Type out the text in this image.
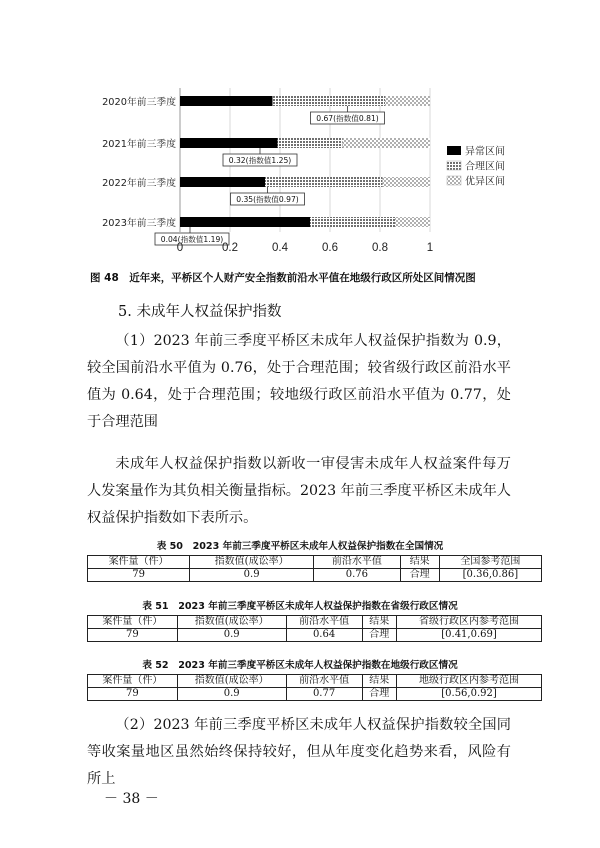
0.67(指数值0.81)
0.32(指数值1.25)
0.35(指数值0.97)
0.04(指数值1.19)
2020年前三季度
2021年前三季度
2022年前三季度
2023年前三季度
0	0.2	0.4	0.6	0.8	1
异常区间
合理区间
优异区间
图 48　近年来，平桥区个人财产安全指数前沿水平值在地级行政区所处区间情况图
5. 未成年人权益保护指数

（1）2023 年前三季度平桥区未成年人权益保护指数为 0.9，较全国前沿水平值为 0.76，处于合理范围；较省级行政区前沿水平值为 0.64，处于合理范围；较地级行政区前沿水平值为 0.77，处于合理范围

未成年人权益保护指数以新收一审侵害未成年人权益案件每万人发案量作为其负相关衡量指标。2023 年前三季度平桥区未成年人权益保护指数如下表所示。

表 50　2023 年前三季度平桥区未成年人权益保护指数在全国情况
案件量（件）	指数值(成讼率）	前沿水平值	结果	全国参考范围
79	0.9	0.76	合理	[0.36,0.86]
表 51　2023 年前三季度平桥区未成年人权益保护指数在省级行政区情况
案件量（件）	指数值(成讼率）	前沿水平值	结果	省级行政区内参考范围
79	0.9	0.64	合理	[0.41,0.69]
表 52　2023 年前三季度平桥区未成年人权益保护指数在地级行政区情况
案件量（件）	指数值(成讼率）	前沿水平值	结果	地级行政区内参考范围
79	0.9	0.77	合理	[0.56,0.92]

（2）2023 年前三季度平桥区未成年人权益保护指数较全国同等收案量地区虽然始终保持较好，但从年度变化趋势来看，风险有所上

－ 38 －
